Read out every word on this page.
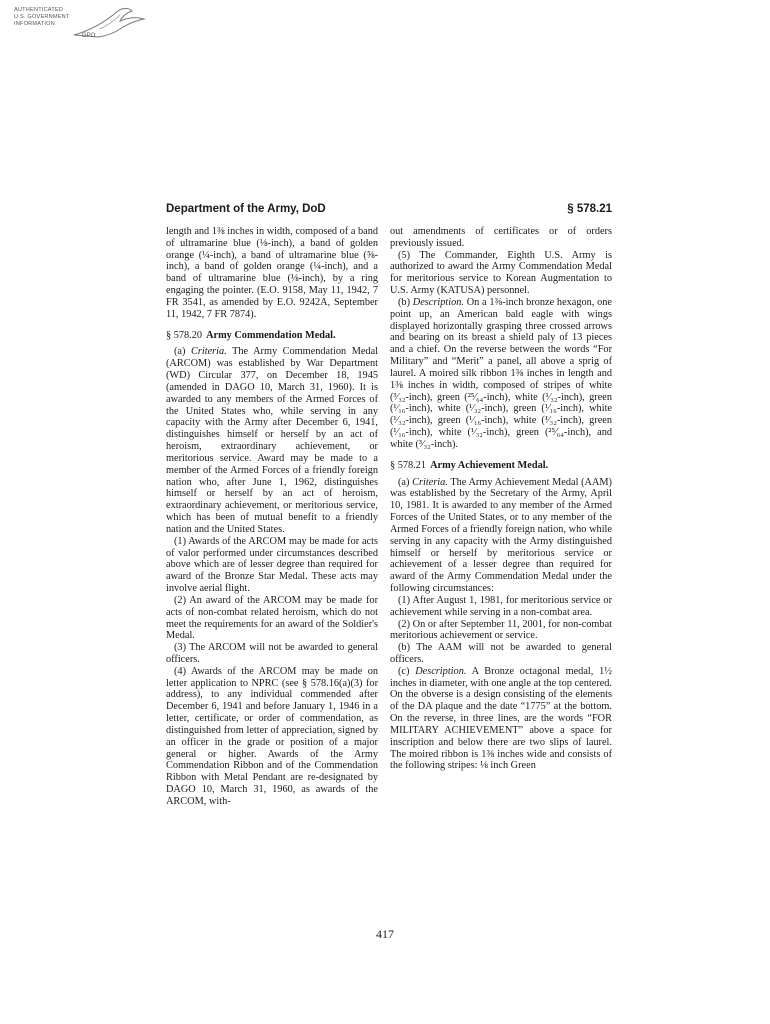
AUTHENTICATED
U.S. GOVERNMENT
INFORMATION
GPO
Department of the Army, DoD	§ 578.21

length and 1⅜ inches in width, composed of a band of ultramarine blue (⅛-inch), a band of golden orange (¼-inch), a band of ultramarine blue (⅝-inch), a band of golden orange (¼-inch), and a band of ultramarine blue (⅛-inch), by a ring engaging the pointer. (E.O. 9158, May 11, 1942, 7 FR 3541, as amended by E.O. 9242A, September 11, 1942, 7 FR 7874).

§ 578.20 Army Commendation Medal.

(a) Criteria. The Army Commendation Medal (ARCOM) was established by War Department (WD) Circular 377, on December 18, 1945 (amended in DAGO 10, March 31, 1960). It is awarded to any members of the Armed Forces of the United States who, while serving in any capacity with the Army after December 6, 1941, distinguishes himself or herself by an act of heroism, extraordinary achievement, or meritorious service. Award may be made to a member of the Armed Forces of a friendly foreign nation who, after June 1, 1962, distinguishes himself or herself by an act of heroism, extraordinary achievement, or meritorious service, which has been of mutual benefit to a friendly nation and the United States.

(1) Awards of the ARCOM may be made for acts of valor performed under circumstances described above which are of lesser degree than required for award of the Bronze Star Medal. These acts may involve aerial flight.

(2) An award of the ARCOM may be made for acts of non-combat related heroism, which do not meet the requirements for an award of the Soldier's Medal.

(3) The ARCOM will not be awarded to general officers.

(4) Awards of the ARCOM may be made on letter application to NPRC (see § 578.16(a)(3) for address), to any individual commended after December 6, 1941 and before January 1, 1946 in a letter, certificate, or order of commendation, as distinguished from letter of appreciation, signed by an officer in the grade or position of a major general or higher. Awards of the Army Commendation Ribbon and of the Commendation Ribbon with Metal Pendant are re-designated by DAGO 10, March 31, 1960, as awards of the ARCOM, with-

out amendments of certificates or of orders previously issued.

(5) The Commander, Eighth U.S. Army is authorized to award the Army Commendation Medal for meritorious service to Korean Augmentation to U.S. Army (KATUSA) personnel.

(b) Description. On a 1⅜-inch bronze hexagon, one point up, an American bald eagle with wings displayed horizontally grasping three crossed arrows and bearing on its breast a shield paly of 13 pieces and a chief. On the reverse between the words “For Military” and “Merit” a panel, all above a sprig of laurel. A moired silk ribbon 1⅜ inches in length and 1⅜ inches in width, composed of stripes of white (³⁄₃₂-inch), green (²⁵⁄₆₄-inch), white (¹⁄₃₂-inch), green (¹⁄₁₆-inch), white (¹⁄₃₂-inch), green (¹⁄₁₆-inch), white (¹⁄₃₂-inch), green (¹⁄₁₆-inch), white (¹⁄₃₂-inch), green (¹⁄₁₆-inch), white (¹⁄₃₂-inch), green (²⁵⁄₆₄-inch), and white (³⁄₃₂-inch).

§ 578.21 Army Achievement Medal.

(a) Criteria. The Army Achievement Medal (AAM) was established by the Secretary of the Army, April 10, 1981. It is awarded to any member of the Armed Forces of the United States, or to any member of the Armed Forces of a friendly foreign nation, who while serving in any capacity with the Army distinguished himself or herself by meritorious service or achievement of a lesser degree than required for award of the Army Commendation Medal under the following circumstances:

(1) After August 1, 1981, for meritorious service or achievement while serving in a non-combat area.

(2) On or after September 11, 2001, for non-combat meritorious achievement or service.

(b) The AAM will not be awarded to general officers.

(c) Description. A Bronze octagonal medal, 1½ inches in diameter, with one angle at the top centered. On the obverse is a design consisting of the elements of the DA plaque and the date “1775” at the bottom. On the reverse, in three lines, are the words “FOR MILITARY ACHIEVEMENT” above a space for inscription and below there are two slips of laurel. The moired ribbon is 1⅜ inches wide and consists of the following stripes: ⅛ inch Green

417
